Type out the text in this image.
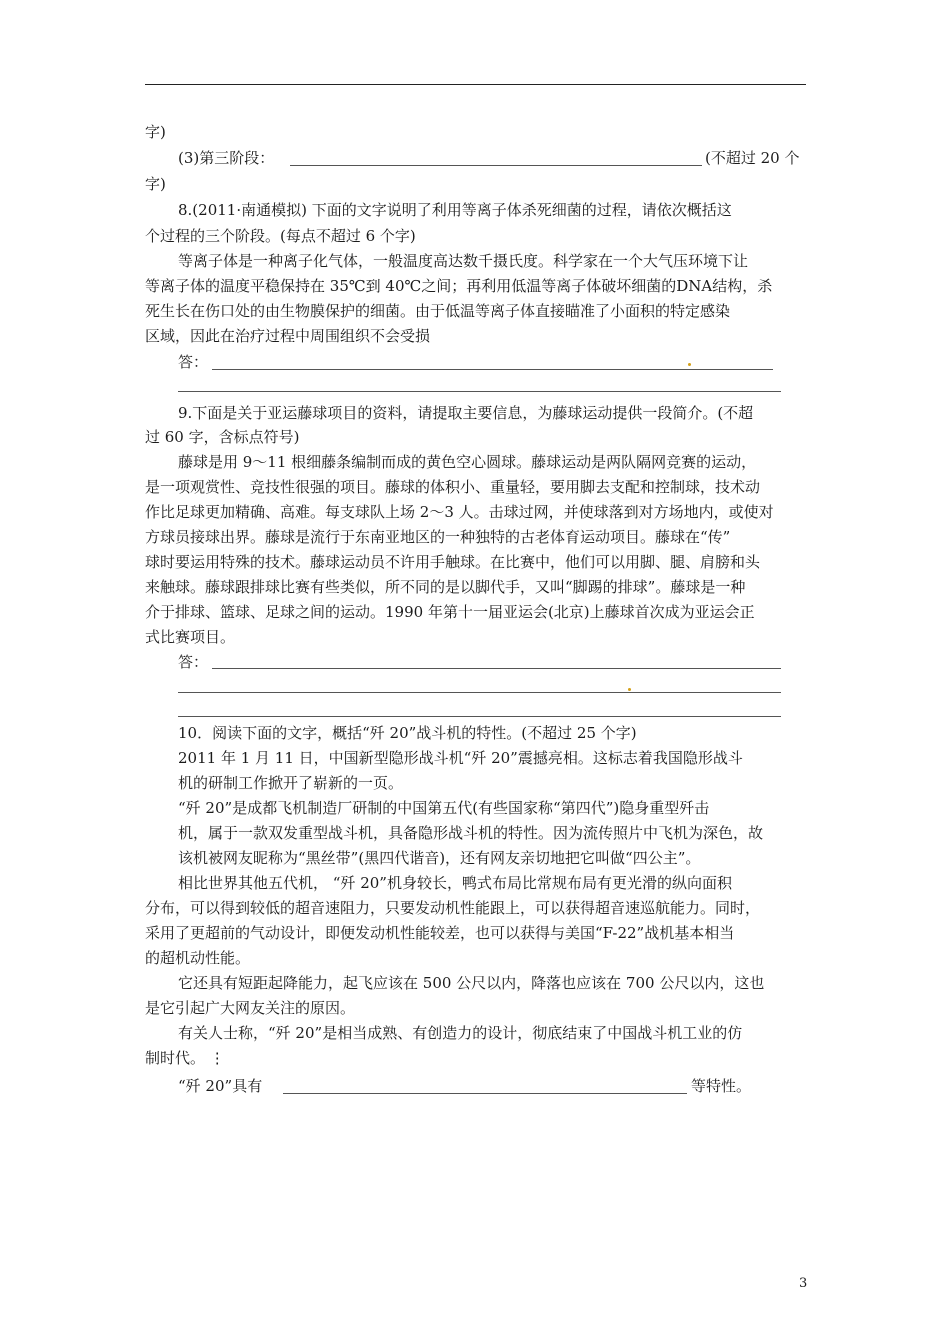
字)
(3)第三阶段：	(不超过 20 个
字)
8.(2011·南通模拟) 下面的文字说明了利用等离子体杀死细菌的过程，请依次概括这
个过程的三个阶段。(每点不超过 6 个字)
等离子体是一种离子化气体，一般温度高达数千摄氏度。科学家在一个大气压环境下让
等离子体的温度平稳保持在 35℃到 40℃之间；再利用低温等离子体破坏细菌的DNA结构，杀
死生长在伤口处的由生物膜保护的细菌。由于低温等离子体直接瞄准了小面积的特定感染
区域，因此在治疗过程中周围组织不会受损
答：
9.下面是关于亚运藤球项目的资料，请提取主要信息，为藤球运动提供一段简介。(不超
过 60 字，含标点符号)
藤球是用 9～11 根细藤条编制而成的黄色空心圆球。藤球运动是两队隔网竞赛的运动，
是一项观赏性、竞技性很强的项目。藤球的体积小、重量轻，要用脚去支配和控制球，技术动
作比足球更加精确、高难。每支球队上场 2～3 人。击球过网，并使球落到对方场地内，或使对
方球员接球出界。藤球是流行于东南亚地区的一种独特的古老体育运动项目。藤球在“传”
球时要运用特殊的技术。藤球运动员不许用手触球。在比赛中，他们可以用脚、腿、肩膀和头
来触球。藤球跟排球比赛有些类似，所不同的是以脚代手，又叫“脚踢的排球”。藤球是一种
介于排球、篮球、足球之间的运动。1990 年第十一届亚运会(北京)上藤球首次成为亚运会正
式比赛项目。
答：
10．阅读下面的文字，概括“歼 20”战斗机的特性。(不超过 25 个字)
2011 年 1 月 11 日，中国新型隐形战斗机“歼 20”震撼亮相。这标志着我国隐形战斗
机的研制工作掀开了崭新的一页。
“歼 20”是成都飞机制造厂研制的中国第五代(有些国家称“第四代”)隐身重型歼击
机，属于一款双发重型战斗机，具备隐形战斗机的特性。因为流传照片中飞机为深色，故
该机被网友昵称为“黑丝带”(黑四代谐音)，还有网友亲切地把它叫做“四公主”。
相比世界其他五代机， “歼 20”机身较长，鸭式布局比常规布局有更光滑的纵向面积
分布，可以得到较低的超音速阻力，只要发动机性能跟上，可以获得超音速巡航能力。同时，
采用了更超前的气动设计，即便发动机性能较差，也可以获得与美国“F-22”战机基本相当
的超机动性能。
它还具有短距起降能力，起飞应该在 500 公尺以内，降落也应该在 700 公尺以内，这也
是它引起广大网友关注的原因。
有关人士称，“歼 20”是相当成熟、有创造力的设计，彻底结束了中国战斗机工业的仿
制时代。 ⋮
“歼 20”具有	等特性。
3
